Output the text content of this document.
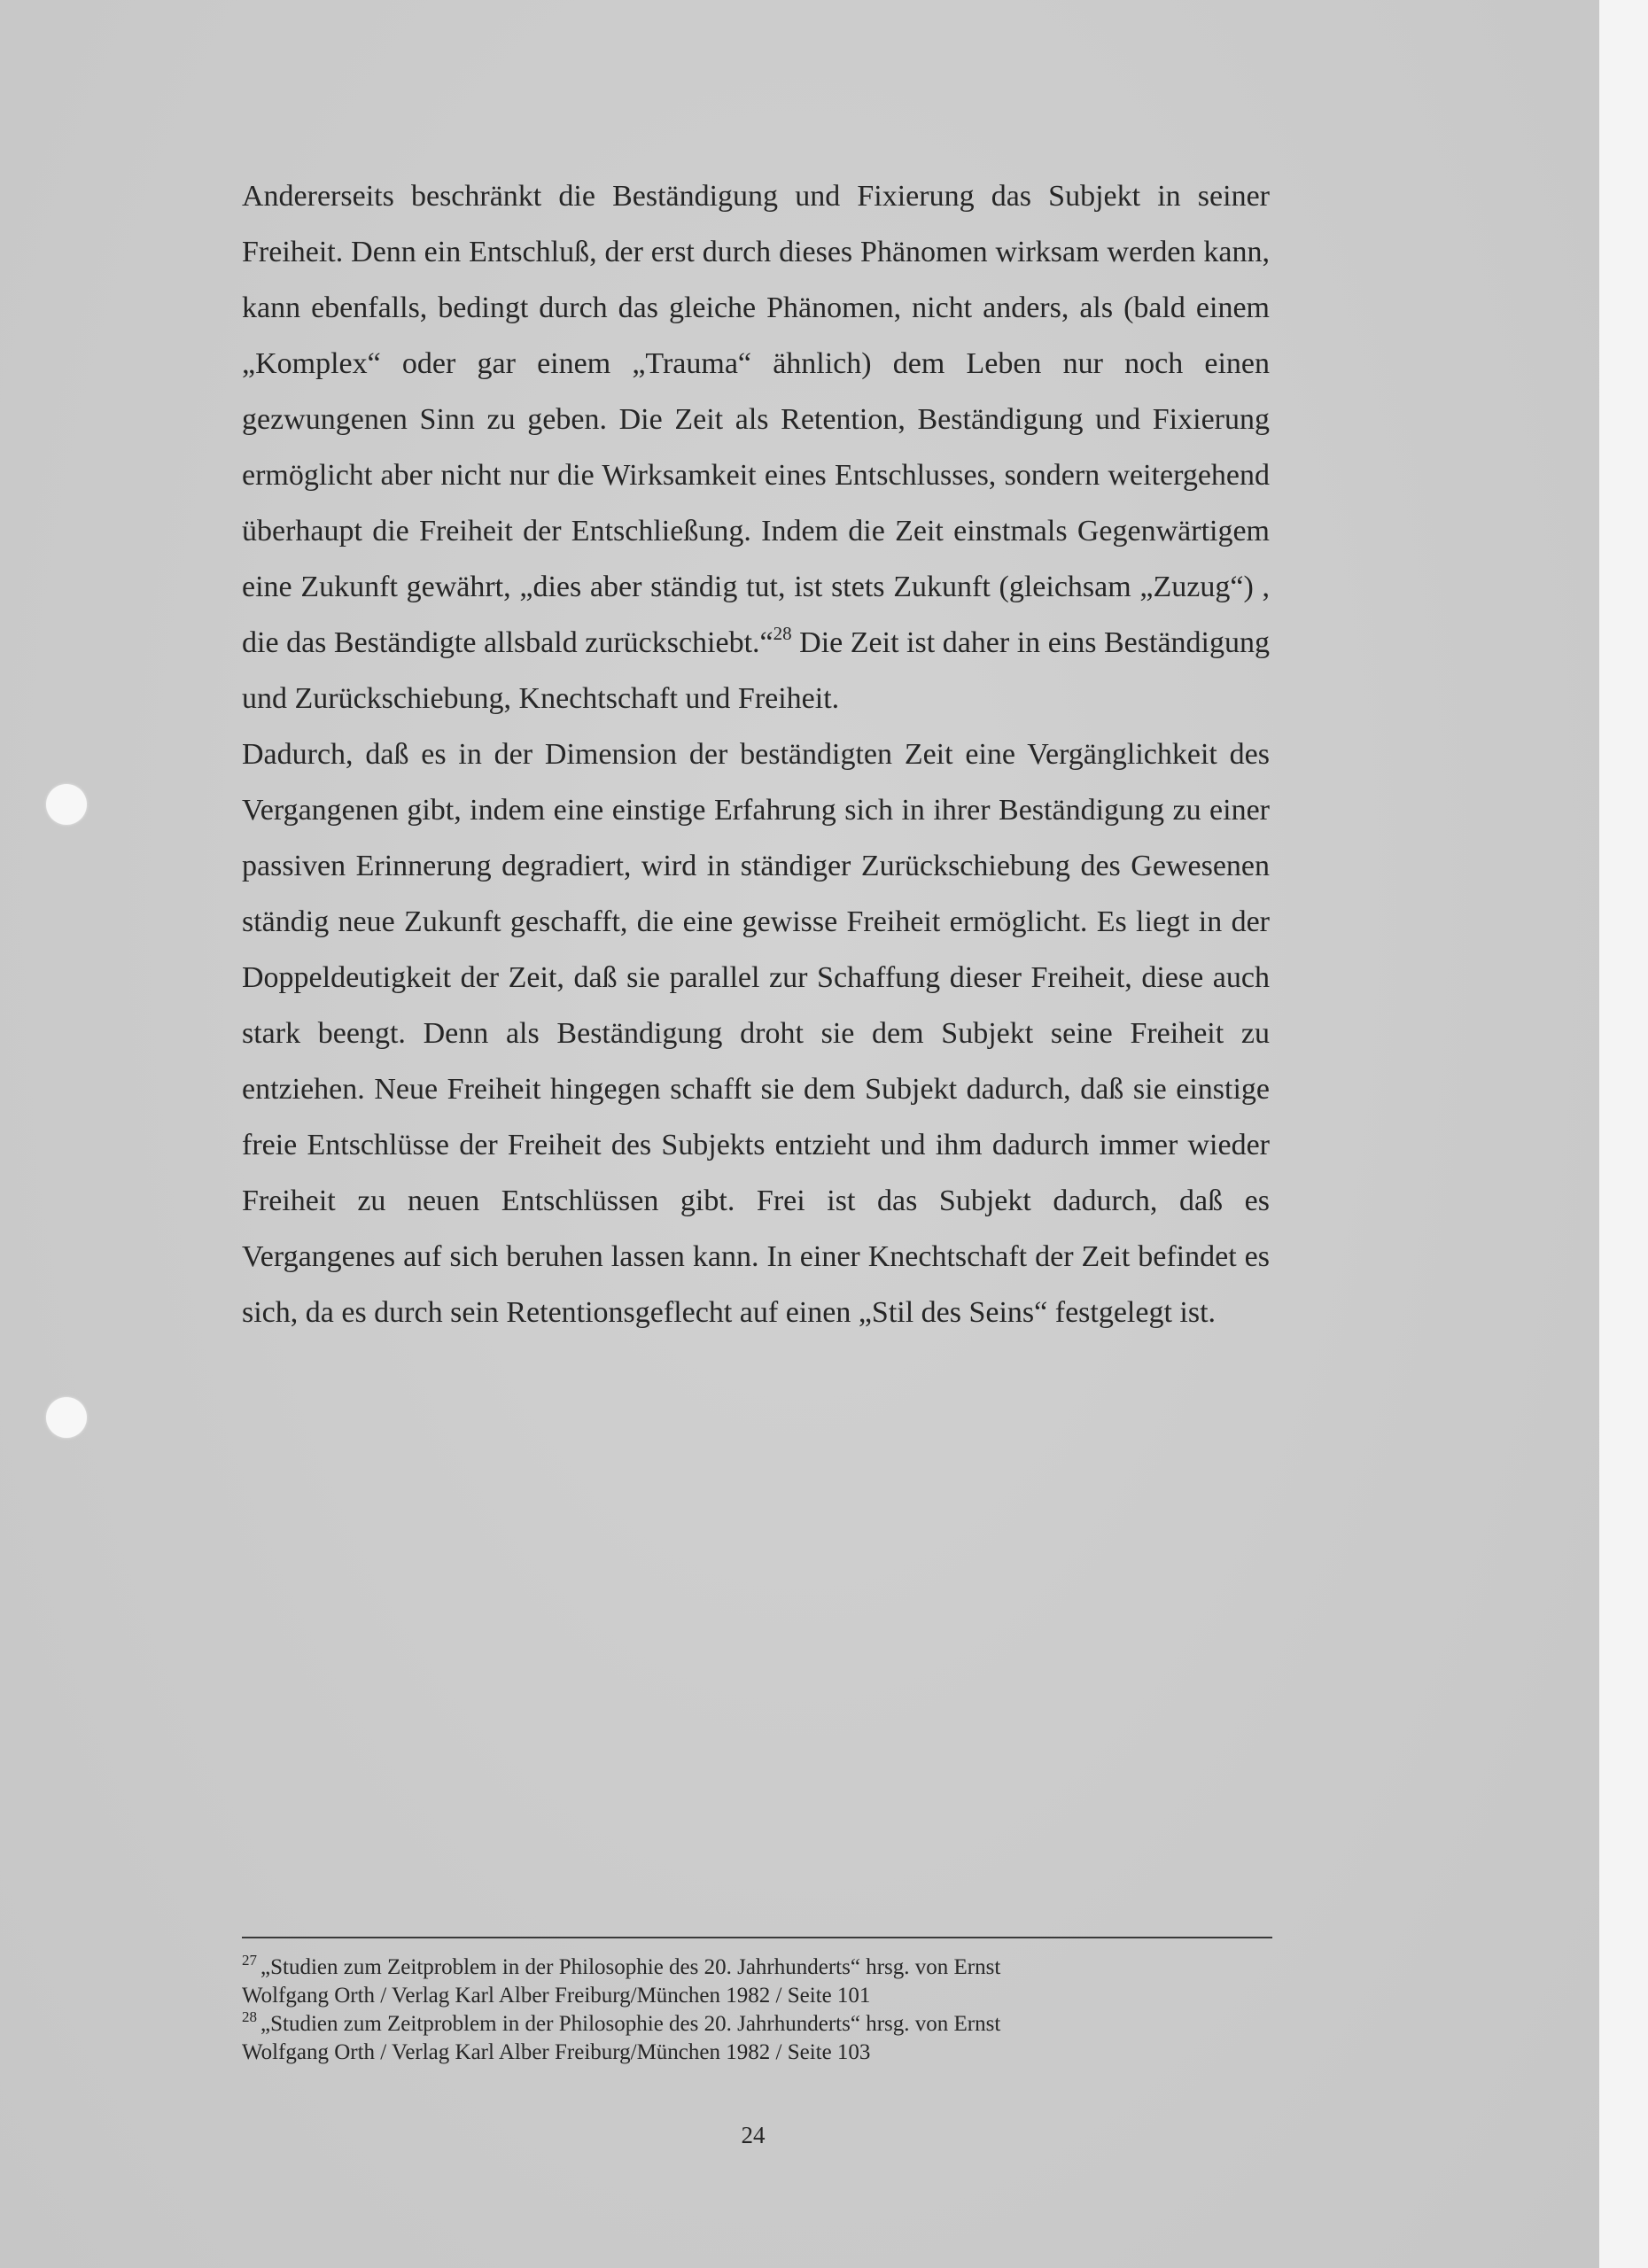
Andererseits beschränkt die Beständigung und Fixierung das Subjekt in seiner Freiheit. Denn ein Entschluß, der erst durch dieses Phänomen wirksam werden kann, kann ebenfalls, bedingt durch das gleiche Phänomen, nicht anders, als (bald einem „Komplex“ oder gar einem „Trauma“ ähnlich) dem Leben nur noch einen gezwungenen Sinn zu geben. Die Zeit als Retention, Beständigung und Fixierung ermöglicht aber nicht nur die Wirksamkeit eines Entschlusses, sondern weitergehend überhaupt die Freiheit der Entschließung. Indem die Zeit einstmals Gegenwärtigem eine Zukunft gewährt, „dies aber ständig tut, ist stets Zukunft (gleichsam „Zuzug“) , die das Beständigte allsbald zurückschiebt.“$^{28}$ Die Zeit ist daher in eins Beständigung und Zurückschiebung, Knechtschaft und Freiheit.

Dadurch, daß es in der Dimension der beständigten Zeit eine Vergänglichkeit des Vergangenen gibt, indem eine einstige Erfahrung sich in ihrer Beständigung zu einer passiven Erinnerung degradiert, wird in ständiger Zurückschiebung des Gewesenen ständig neue Zukunft geschafft, die eine gewisse Freiheit ermöglicht. Es liegt in der Doppeldeutigkeit der Zeit, daß sie parallel zur Schaffung dieser Freiheit, diese auch stark beengt. Denn als Beständigung droht sie dem Subjekt seine Freiheit zu entziehen. Neue Freiheit hingegen schafft sie dem Subjekt dadurch, daß sie einstige freie Entschlüsse der Freiheit des Subjekts entzieht und ihm dadurch immer wieder Freiheit zu neuen Entschlüssen gibt. Frei ist das Subjekt dadurch, daß es Vergangenes auf sich beruhen lassen kann. In einer Knechtschaft der Zeit befindet es sich, da es durch sein Retentionsgeflecht auf einen „Stil des Seins“ festgelegt ist.

$^{27}$ „Studien zum Zeitproblem in der Philosophie des 20. Jahrhunderts“ hrsg. von Ernst
Wolfgang Orth / Verlag Karl Alber Freiburg/München 1982 / Seite 101

$^{28}$ „Studien zum Zeitproblem in der Philosophie des 20. Jahrhunderts“ hrsg. von Ernst
Wolfgang Orth / Verlag Karl Alber Freiburg/München 1982 / Seite 103

24
